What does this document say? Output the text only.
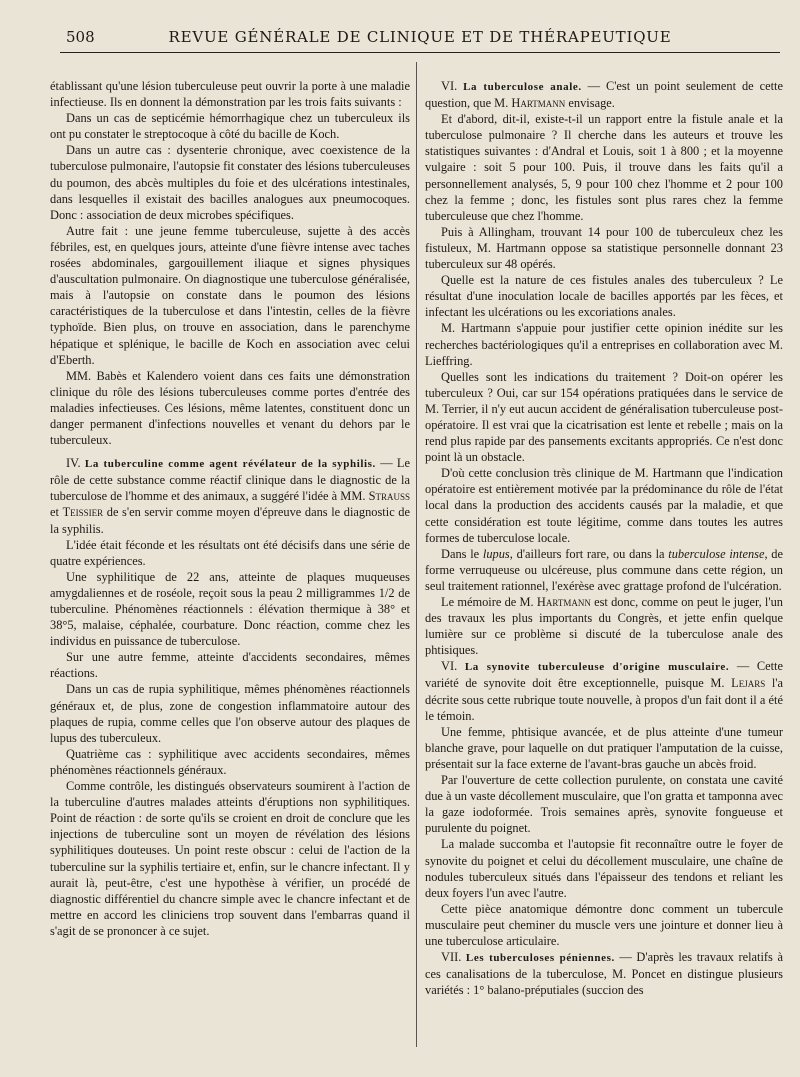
508	REVUE GÉNÉRALE DE CLINIQUE ET DE THÉRAPEUTIQUE

établissant qu'une lésion tuberculeuse peut ouvrir la porte à une maladie infectieuse. Ils en donnent la démonstration par les trois faits suivants :

Dans un cas de septicémie hémorrhagique chez un tuberculeux ils ont pu constater le streptocoque à côté du bacille de Koch.

Dans un autre cas : dysenterie chronique, avec coexistence de la tuberculose pulmonaire, l'autopsie fit constater des lésions tuberculeuses du poumon, des abcès multiples du foie et des ulcérations intestinales, dans lesquelles il existait des bacilles analogues aux pneumocoques. Donc : association de deux microbes spécifiques.

Autre fait : une jeune femme tuberculeuse, sujette à des accès fébriles, est, en quelques jours, atteinte d'une fièvre intense avec taches rosées abdominales, gargouillement iliaque et signes physiques d'auscultation pulmonaire. On diagnostique une tuberculose généralisée, mais à l'autopsie on constate dans le poumon des lésions caractéristiques de la tuberculose et dans l'intestin, celles de la fièvre typhoïde. Bien plus, on trouve en association, dans le parenchyme hépatique et splénique, le bacille de Koch en association avec celui d'Eberth.

MM. Babès et Kalendero voient dans ces faits une démonstration clinique du rôle des lésions tuberculeuses comme portes d'entrée des maladies infectieuses. Ces lésions, même latentes, constituent donc un danger permanent d'infections nouvelles et venant du dehors par le tuberculeux.

IV. La tuberculine comme agent révélateur de la syphilis. — Le rôle de cette substance comme réactif clinique dans le diagnostic de la tuberculose de l'homme et des animaux, a suggéré l'idée à MM. Strauss et Teissier de s'en servir comme moyen d'épreuve dans le diagnostic de la syphilis.

L'idée était féconde et les résultats ont été décisifs dans une série de quatre expériences.

Une syphilitique de 22 ans, atteinte de plaques muqueuses amygdaliennes et de roséole, reçoit sous la peau 2 milligrammes 1/2 de tuberculine. Phénomènes réactionnels : élévation thermique à 38° et 38°5, malaise, céphalée, courbature. Donc réaction, comme chez les individus en puissance de tuberculose.

Sur une autre femme, atteinte d'accidents secondaires, mêmes réactions.

Dans un cas de rupia syphilitique, mêmes phénomènes réactionnels généraux et, de plus, zone de congestion inflammatoire autour des plaques de rupia, comme celles que l'on observe autour des plaques de lupus des tuberculeux.

Quatrième cas : syphilitique avec accidents secondaires, mêmes phénomènes réactionnels généraux.

Comme contrôle, les distingués observateurs soumirent à l'action de la tuberculine d'autres malades atteints d'éruptions non syphilitiques. Point de réaction : de sorte qu'ils se croient en droit de conclure que les injections de tuberculine sont un moyen de révélation des lésions syphilitiques douteuses. Un point reste obscur : celui de l'action de la tuberculine sur la syphilis tertiaire et, enfin, sur le chancre infectant. Il y aurait là, peut-être, c'est une hypothèse à vérifier, un procédé de diagnostic différentiel du chancre simple avec le chancre infectant et de mettre en accord les cliniciens trop souvent dans l'embarras quand il s'agit de se prononcer à ce sujet.

VI. La tuberculose anale. — C'est un point seulement de cette question, que M. Hartmann envisage.

Et d'abord, dit-il, existe-t-il un rapport entre la fistule anale et la tuberculose pulmonaire ? Il cherche dans les auteurs et trouve les statistiques suivantes : d'Andral et Louis, soit 1 à 800 ; et la moyenne vulgaire : soit 5 pour 100. Puis, il trouve dans les faits qu'il a personnellement analysés, 5, 9 pour 100 chez l'homme et 2 pour 100 chez la femme ; donc, les fistules sont plus rares chez la femme tuberculeuse que chez l'homme.

Puis à Allingham, trouvant 14 pour 100 de tuberculeux chez les fistuleux, M. Hartmann oppose sa statistique personnelle donnant 23 tuberculeux sur 48 opérés.

Quelle est la nature de ces fistules anales des tuberculeux ? Le résultat d'une inoculation locale de bacilles apportés par les fèces, et infectant les ulcérations ou les excoriations anales.

M. Hartmann s'appuie pour justifier cette opinion inédite sur les recherches bactériologiques qu'il a entreprises en collaboration avec M. Lieffring.

Quelles sont les indications du traitement ? Doit-on opérer les tuberculeux ? Oui, car sur 154 opérations pratiquées dans le service de M. Terrier, il n'y eut aucun accident de généralisation tuberculeuse post-opératoire. Il est vrai que la cicatrisation est lente et rebelle ; mais on la rend plus rapide par des pansements excitants appropriés. Ce n'est donc point là un obstacle.

D'où cette conclusion très clinique de M. Hartmann que l'indication opératoire est entièrement motivée par la prédominance du rôle de l'état local dans la production des accidents causés par la maladie, et que cette considération est toute légitime, comme dans toutes les autres formes de tuberculose locale.

Dans le lupus, d'ailleurs fort rare, ou dans la tuberculose intense, de forme verruqueuse ou ulcéreuse, plus commune dans cette région, un seul traitement rationnel, l'exérèse avec grattage profond de l'ulcération.

Le mémoire de M. Hartmann est donc, comme on peut le juger, l'un des travaux les plus importants du Congrès, et jette enfin quelque lumière sur ce problème si discuté de la tuberculose anale des phtisiques.

VI. La synovite tuberculeuse d'origine musculaire. — Cette variété de synovite doit être exceptionnelle, puisque M. Lejars l'a décrite sous cette rubrique toute nouvelle, à propos d'un fait dont il a été le témoin.

Une femme, phtisique avancée, et de plus atteinte d'une tumeur blanche grave, pour laquelle on dut pratiquer l'amputation de la cuisse, présentait sur la face externe de l'avant-bras gauche un abcès froid.

Par l'ouverture de cette collection purulente, on constata une cavité due à un vaste décollement musculaire, que l'on gratta et tamponna avec la gaze iodoformée. Trois semaines après, synovite fongueuse et purulente du poignet.

La malade succomba et l'autopsie fit reconnaître outre le foyer de synovite du poignet et celui du décollement musculaire, une chaîne de nodules tuberculeux situés dans l'épaisseur des tendons et reliant les deux foyers l'un avec l'autre.

Cette pièce anatomique démontre donc comment un tubercule musculaire peut cheminer du muscle vers une jointure et donner lieu à une tuberculose articulaire.

VII. Les tuberculoses péniennes. — D'après les travaux relatifs à ces canalisations de la tuberculose, M. Poncet en distingue plusieurs variétés : 1° balano-préputiales (succion des
